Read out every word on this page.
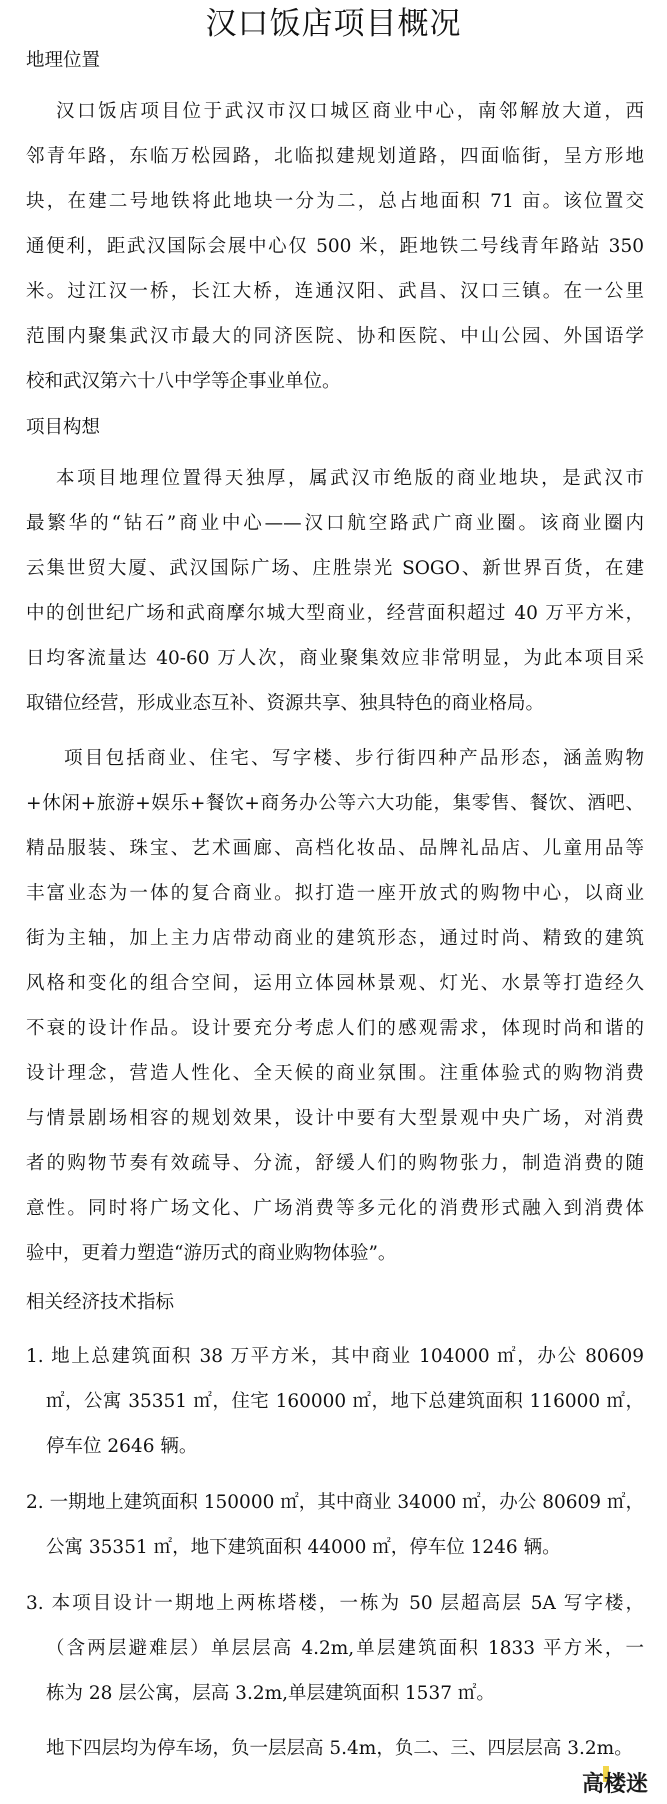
汉口饭店项目概况
地理位置
汉口饭店项目位于武汉市汉口城区商业中心，南邻解放大道，西
邻青年路，东临万松园路，北临拟建规划道路，四面临街，呈方形地
块，在建二号地铁将此地块一分为二，总占地面积 71 亩。该位置交
通便利，距武汉国际会展中心仅 500 米，距地铁二号线青年路站 350
米。过江汉一桥，长江大桥，连通汉阳、武昌、汉口三镇。在一公里
范围内聚集武汉市最大的同济医院、协和医院、中山公园、外国语学
校和武汉第六十八中学等企事业单位。
项目构想
本项目地理位置得天独厚，属武汉市绝版的商业地块，是武汉市
最繁华的“钻石”商业中心——汉口航空路武广商业圈。该商业圈内
云集世贸大厦、武汉国际广场、庄胜崇光 SOGO、新世界百货，在建
中的创世纪广场和武商摩尔城大型商业，经营面积超过 40 万平方米，
日均客流量达 40-60 万人次，商业聚集效应非常明显，为此本项目采
取错位经营，形成业态互补、资源共享、独具特色的商业格局。
项目包括商业、住宅、写字楼、步行街四种产品形态，涵盖购物
+休闲+旅游+娱乐+餐饮+商务办公等六大功能，集零售、餐饮、酒吧、
精品服装、珠宝、艺术画廊、高档化妆品、品牌礼品店、儿童用品等
丰富业态为一体的复合商业。拟打造一座开放式的购物中心，以商业
街为主轴，加上主力店带动商业的建筑形态，通过时尚、精致的建筑
风格和变化的组合空间，运用立体园林景观、灯光、水景等打造经久
不衰的设计作品。设计要充分考虑人们的感观需求，体现时尚和谐的
设计理念，营造人性化、全天候的商业氛围。注重体验式的购物消费
与情景剧场相容的规划效果，设计中要有大型景观中央广场，对消费
者的购物节奏有效疏导、分流，舒缓人们的购物张力，制造消费的随
意性。同时将广场文化、广场消费等多元化的消费形式融入到消费体
验中，更着力塑造“游历式的商业购物体验”。
相关经济技术指标
1. 地上总建筑面积 38 万平方米，其中商业 104000 ㎡，办公 80609
㎡，公寓 35351 ㎡，住宅 160000 ㎡，地下总建筑面积 116000 ㎡，
停车位 2646 辆。
2. 一期地上建筑面积 150000 ㎡，其中商业 34000 ㎡，办公 80609 ㎡，
公寓 35351 ㎡，地下建筑面积 44000 ㎡，停车位 1246 辆。
3. 本项目设计一期地上两栋塔楼，一栋为 50 层超高层 5A 写字楼，
（含两层避难层）单层层高 4.2m,单层建筑面积 1833 平方米，一
栋为 28 层公寓，层高 3.2m,单层建筑面积 1537 ㎡。
地下四层均为停车场，负一层层高 5.4m，负二、三、四层层高 3.2m。
高楼迷
